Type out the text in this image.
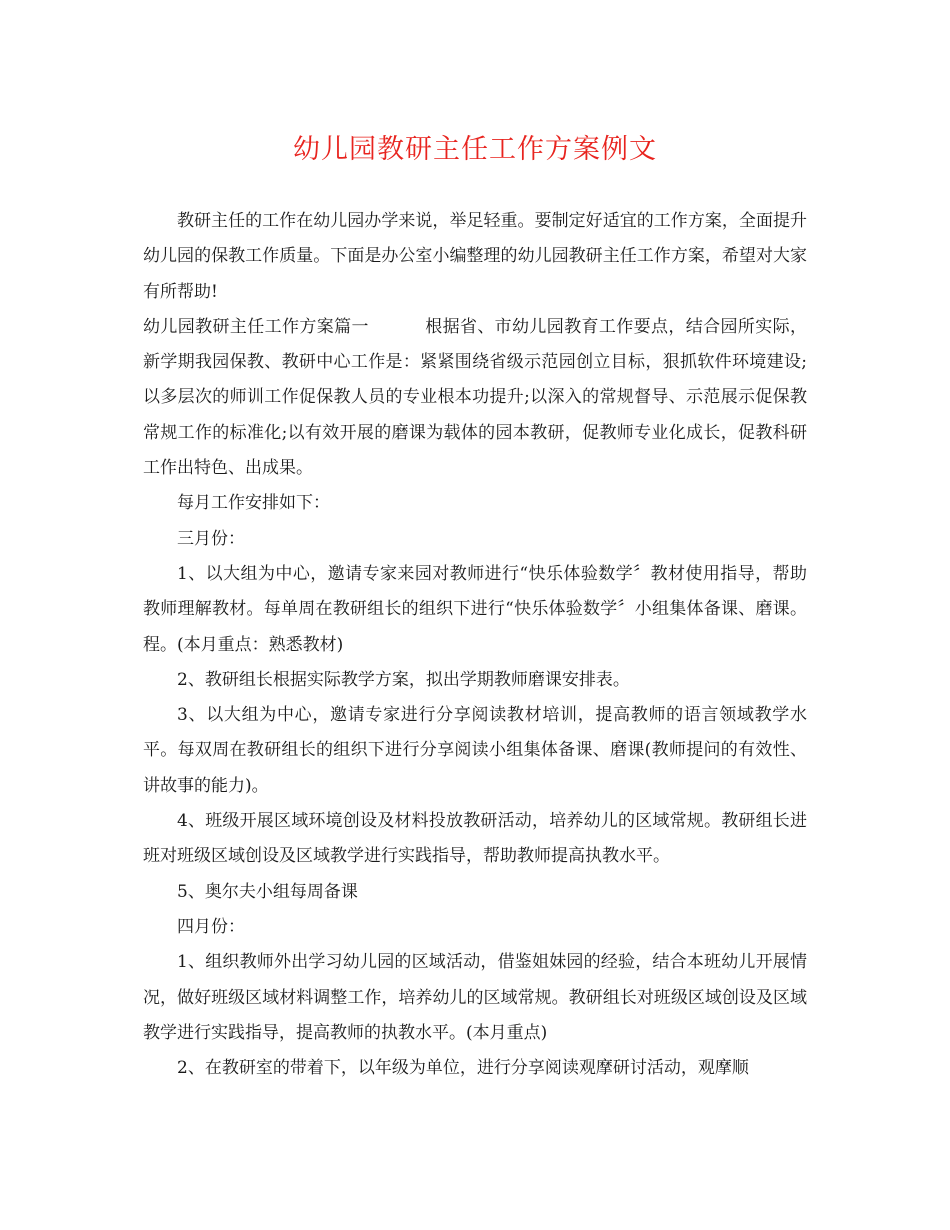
幼儿园教研主任工作方案例文

教研主任的工作在幼儿园办学来说，举足轻重。要制定好适宜的工作方案，全面提升幼儿园的保教工作质量。下面是办公室小编整理的幼儿园教研主任工作方案，希望对大家有所帮助!

幼儿园教研主任工作方案篇一	根据省、市幼儿园教育工作要点，结合园所实际，新学期我园保教、教研中心工作是：紧紧围绕省级示范园创立目标，狠抓软件环境建设;以多层次的师训工作促保教人员的专业根本功提升;以深入的常规督导、示范展示促保教常规工作的标准化;以有效开展的磨课为载体的园本教研，促教师专业化成长，促教科研工作出特色、出成果。

每月工作安排如下：

三月份：

1、以大组为中心，邀请专家来园对教师进行“快乐体验数学〞教材使用指导，帮助教师理解教材。每单周在教研组长的组织下进行“快乐体验数学〞小组集体备课、磨课。程。(本月重点：熟悉教材)

2、教研组长根据实际教学方案，拟出学期教师磨课安排表。

3、以大组为中心，邀请专家进行分享阅读教材培训，提高教师的语言领域教学水平。每双周在教研组长的组织下进行分享阅读小组集体备课、磨课(教师提问的有效性、讲故事的能力)。

4、班级开展区域环境创设及材料投放教研活动，培养幼儿的区域常规。教研组长进班对班级区域创设及区域教学进行实践指导，帮助教师提高执教水平。

5、奥尔夫小组每周备课

四月份：

1、组织教师外出学习幼儿园的区域活动，借鉴姐妹园的经验，结合本班幼儿开展情况，做好班级区域材料调整工作，培养幼儿的区域常规。教研组长对班级区域创设及区域教学进行实践指导，提高教师的执教水平。(本月重点)

2、在教研室的带着下，以年级为单位，进行分享阅读观摩研讨活动，观摩顺
